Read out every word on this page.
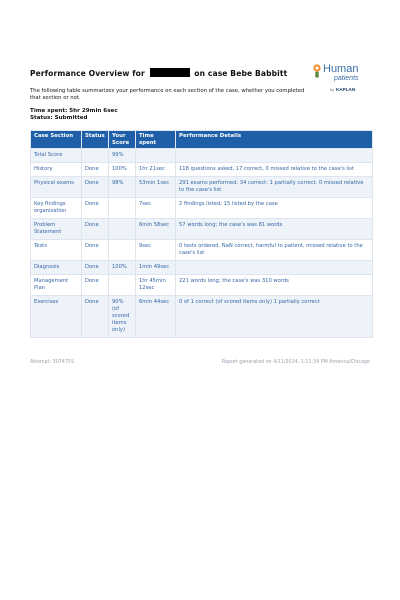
Performance Overview for	on case Bebe Babbitt	Human
patients
by KAPLAN

The following table summarizes your performance on each section of the case, whether you completed that section or not.

Time spent: 5hr 29min 6sec
Status: Submitted
Case Section	Status	Your Score	Time spent	Performance Details
Total Score		99%		
History	Done	100%	1hr 21sec	118 questions asked, 17 correct, 0 missed relative to the case's list
Physical exams	Done	98%	53min 1sec	291 exams performed, 34 correct; 1 partially correct, 0 missed relative to the case's list
Key findings organization	Done		7sec	2 findings listed; 15 listed by the case
Problem Statement	Done		6min 58sec	57 words long; the case's was 81 words
Tests	Done		9sec	0 tests ordered, NaN correct, harmful to patient, missed relative to the case's list
Diagnosis	Done	100%	1min 49sec	
Management Plan	Done		1hr 45min 12sec	221 words long; the case's was 310 words
Exercises	Done	90% (of scored items only)	6min 44sec	0 of 1 correct (of scored items only) 1 partially correct
Attempt: 3074755	Report generated on 4/11/2024, 1:11:34 PM America/Chicago
